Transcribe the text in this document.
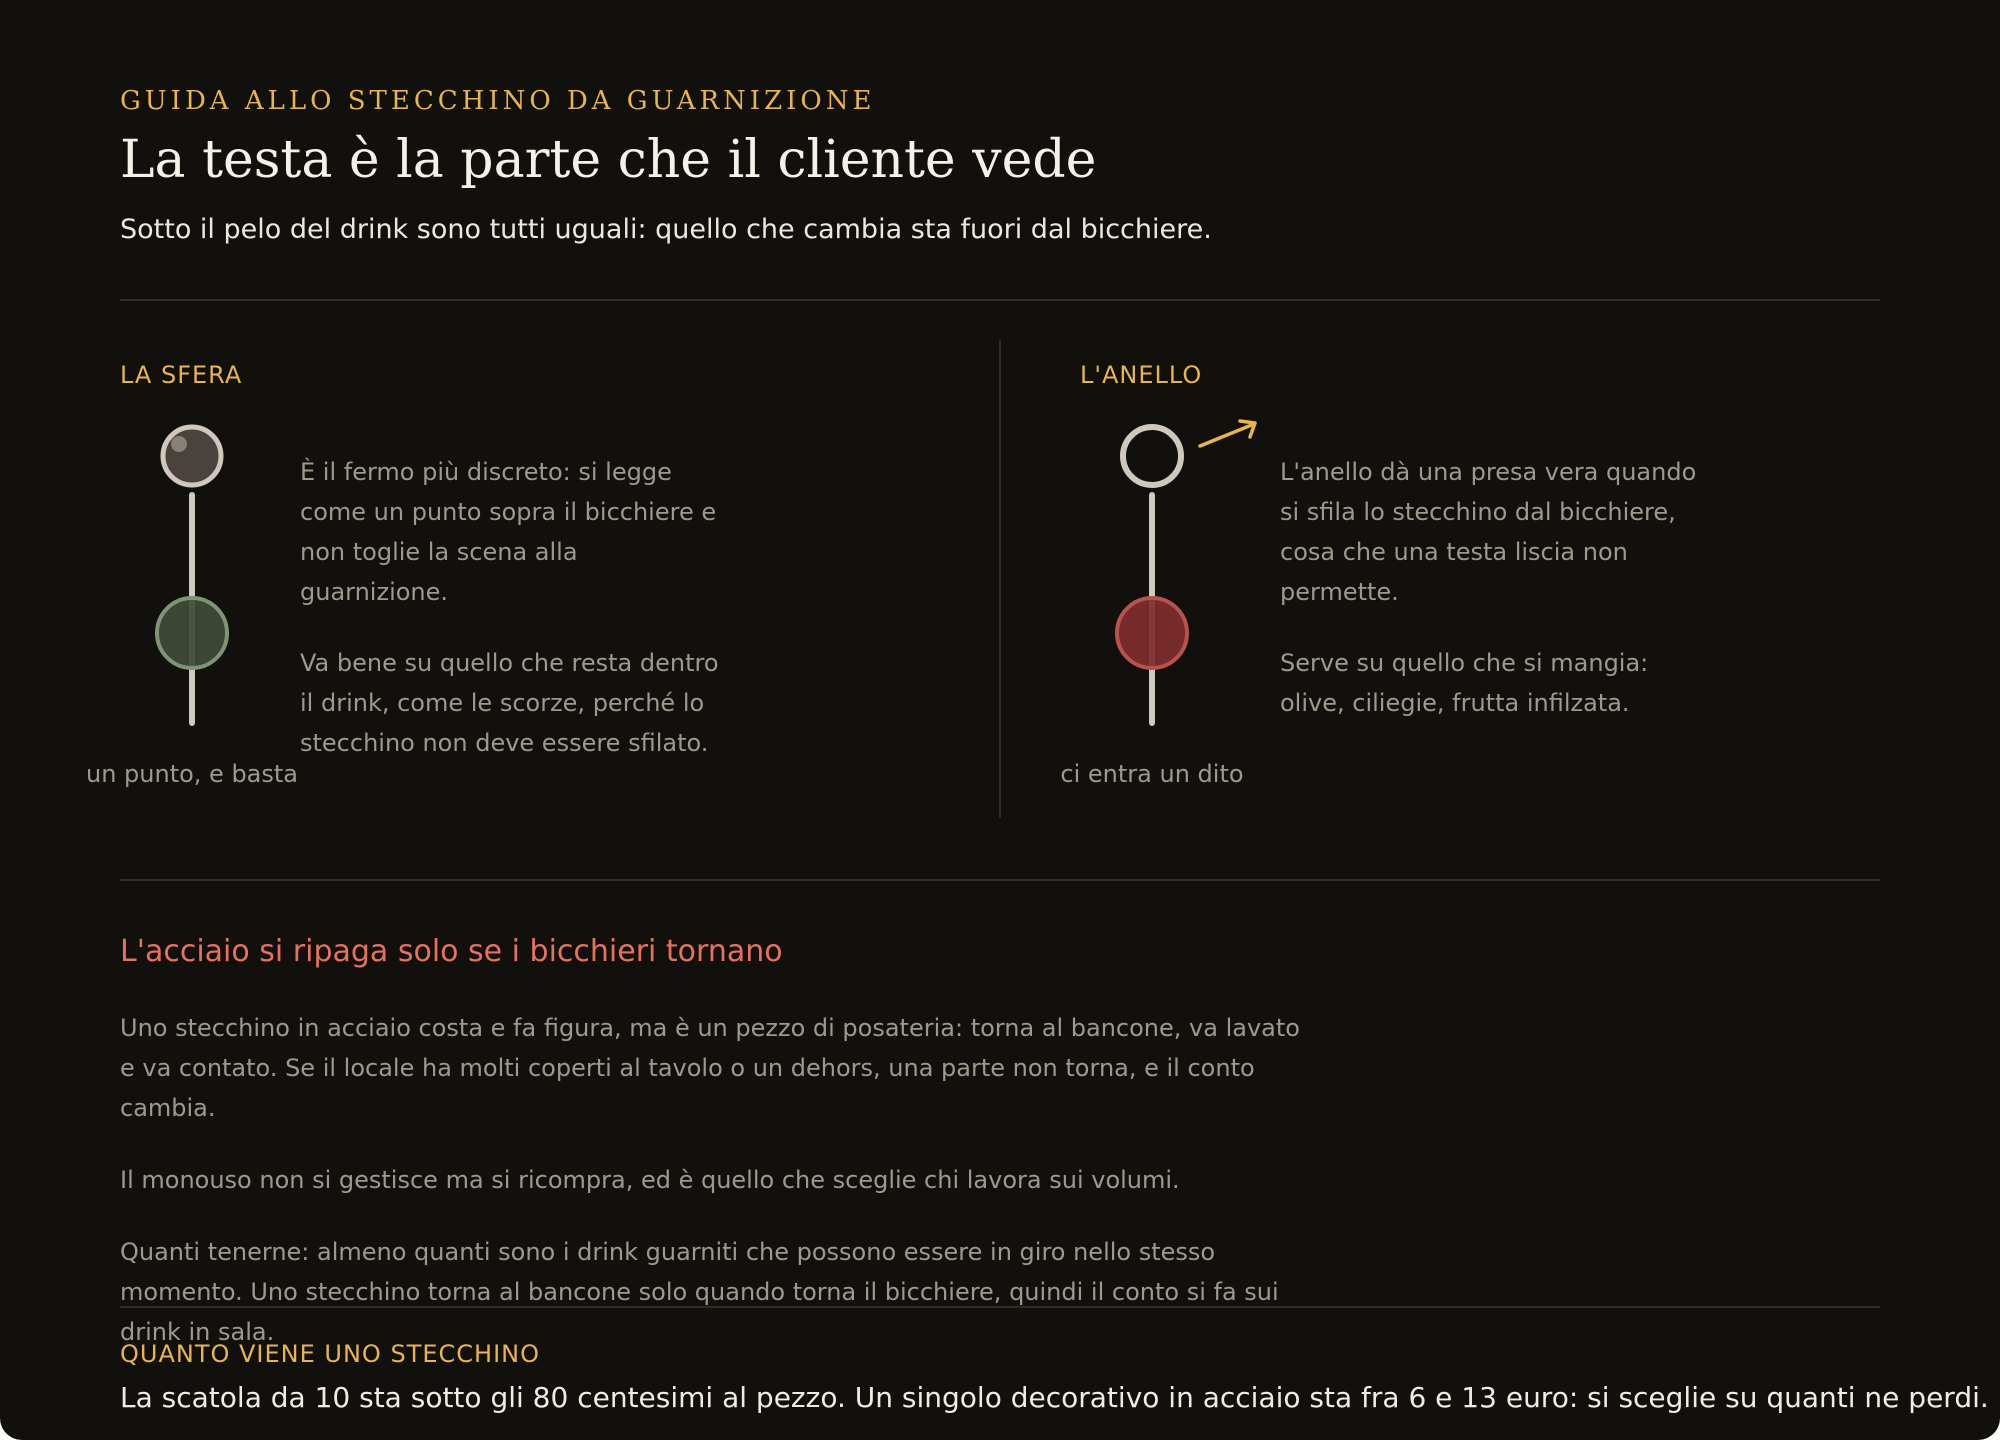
GUIDA ALLO STECCHINO DA GUARNIZIONE
La testa è la parte che il cliente vede
Sotto il pelo del drink sono tutti uguali: quello che cambia sta fuori dal bicchiere.
LA SFERA

È il fermo più discreto: si legge come un punto sopra il bicchiere e non toglie la scena alla guarnizione.

Va bene su quello che resta dentro il drink, come le scorze, perché lo stecchino non deve essere sfilato.

un punto, e basta
L'ANELLO

L'anello dà una presa vera quando si sfila lo stecchino dal bicchiere, cosa che una testa liscia non permette.

Serve su quello che si mangia: olive, ciliegie, frutta infilzata.

ci entra un dito
L'acciaio si ripaga solo se i bicchieri tornano

Uno stecchino in acciaio costa e fa figura, ma è un pezzo di posateria: torna al bancone, va lavato e va contato. Se il locale ha molti coperti al tavolo o un dehors, una parte non torna, e il conto cambia.

Il monouso non si gestisce ma si ricompra, ed è quello che sceglie chi lavora sui volumi.

Quanti tenerne: almeno quanti sono i drink guarniti che possono essere in giro nello stesso momento. Uno stecchino torna al bancone solo quando torna il bicchiere, quindi il conto si fa sui drink in sala.

QUANTO VIENE UNO STECCHINO
La scatola da 10 sta sotto gli 80 centesimi al pezzo. Un singolo decorativo in acciaio sta fra 6 e 13 euro: si sceglie su quanti ne perdi.
